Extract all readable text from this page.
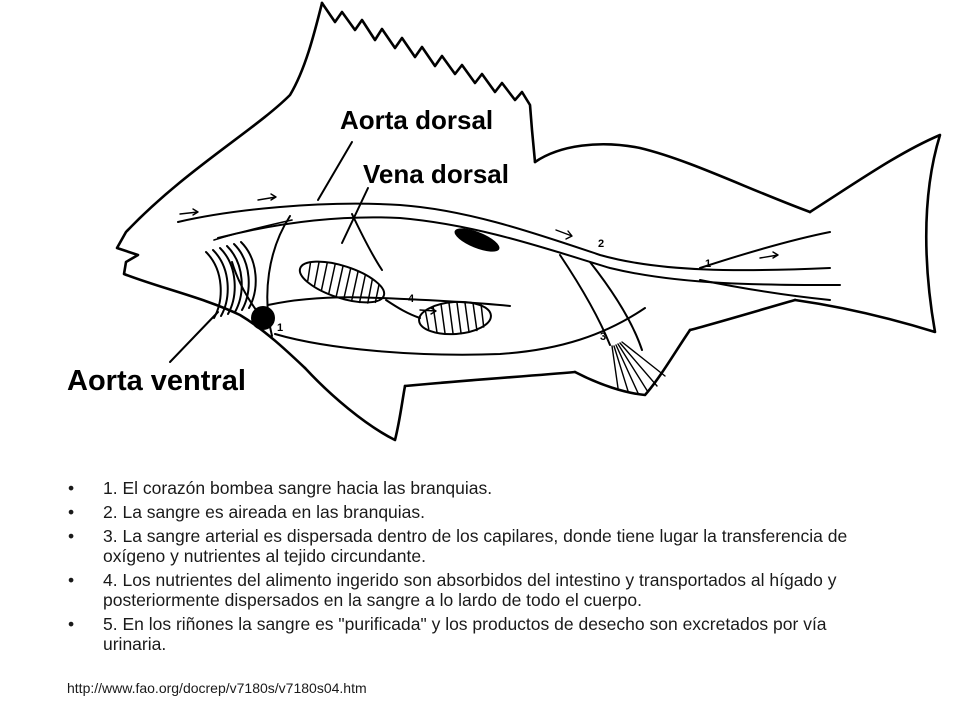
Aorta dorsal
Vena dorsal
Aorta ventral
1
4
2
3
1
• 1. El corazón bombea sangre hacia las branquias.
• 2. La sangre es aireada en las branquias.
• 3. La sangre arterial es dispersada dentro de los capilares, donde tiene lugar la transferencia de oxígeno y nutrientes al tejido circundante.
• 4. Los nutrientes del alimento ingerido son absorbidos del intestino y transportados al hígado y posteriormente dispersados en la sangre a lo lardo de todo el cuerpo.
• 5. En los riñones la sangre es "purificada" y los productos de desecho son excretados por vía urinaria.
http://www.fao.org/docrep/v7180s/v7180s04.htm
